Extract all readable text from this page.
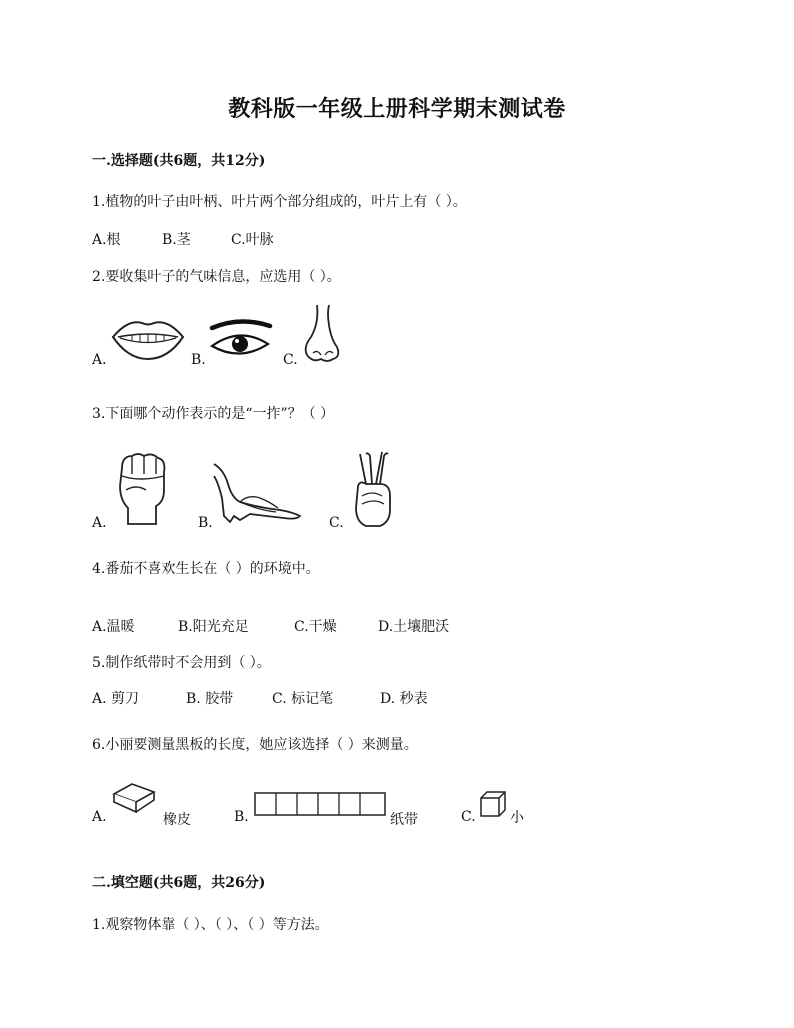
教科版一年级上册科学期末测试卷
一.选择题(共6题，共12分)
1.植物的叶子由叶柄、叶片两个部分组成的，叶片上有（ ）。
A.根	B.茎	C.叶脉
2.要收集叶子的气味信息，应选用（ ）。
A.	B.	C.
3.下面哪个动作表示的是“一拃”？（ ）
A.	B.	C.
4.番茄不喜欢生长在（ ）的环境中。
A.温暖	B.阳光充足	C.干燥	D.土壤肥沃
5.制作纸带时不会用到（ ）。
A. 剪刀	B. 胶带	C. 标记笔	D. 秒表
6.小丽要测量黑板的长度，她应该选择（ ）来测量。
A.	橡皮	B.	纸带	C. 小
二.填空题(共6题，共26分)
1.观察物体靠（ ）、（ ）、（ ）等方法。
